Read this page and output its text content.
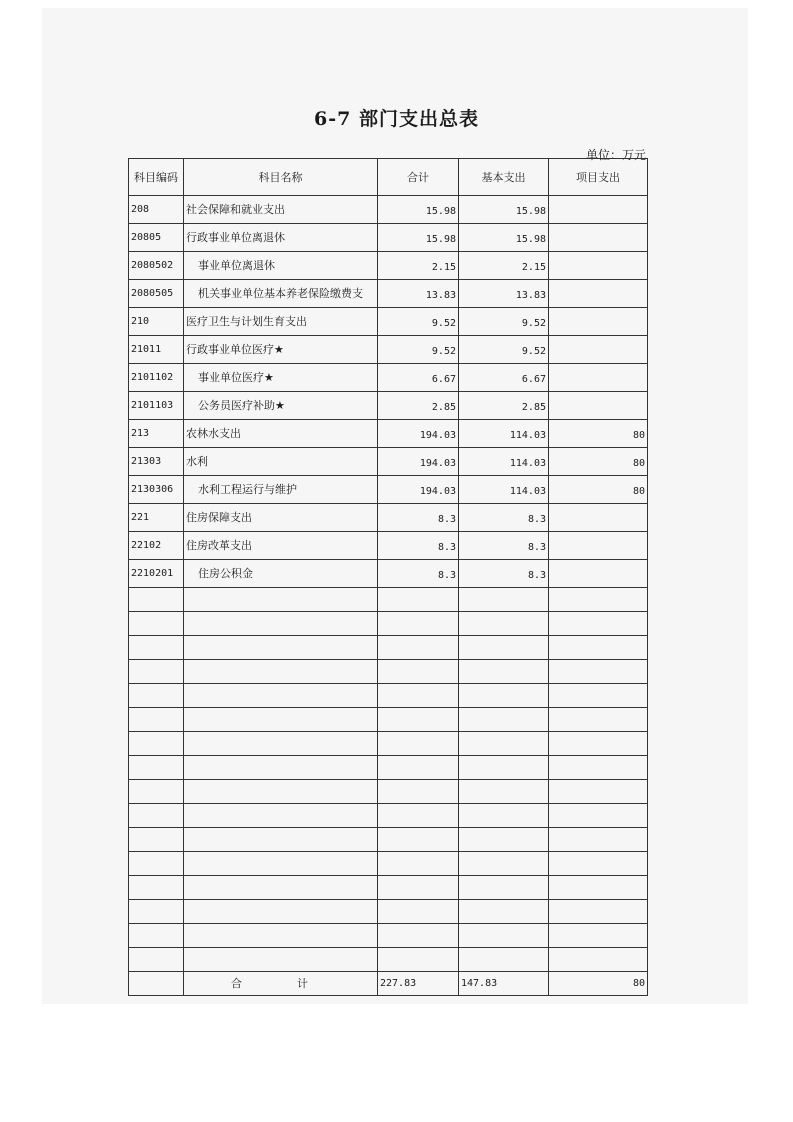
6-7 部门支出总表
单位：万元
科目编码	科目名称	合计	基本支出	项目支出
208	社会保障和就业支出	15.98	15.98	
20805	行政事业单位离退休	15.98	15.98	
2080502	事业单位离退休	2.15	2.15	
2080505	机关事业单位基本养老保险缴费支	13.83	13.83	
210	医疗卫生与计划生育支出	9.52	9.52	
21011	行政事业单位医疗★	9.52	9.52	
2101102	事业单位医疗★	6.67	6.67	
2101103	公务员医疗补助★	2.85	2.85	
213	农林水支出	194.03	114.03	80
21303	水利	194.03	114.03	80
2130306	水利工程运行与维护	194.03	114.03	80
221	住房保障支出	8.3	8.3	
22102	住房改革支出	8.3	8.3	
2210201	住房公积金	8.3	8.3	

	合　计	227.83	147.83	80
